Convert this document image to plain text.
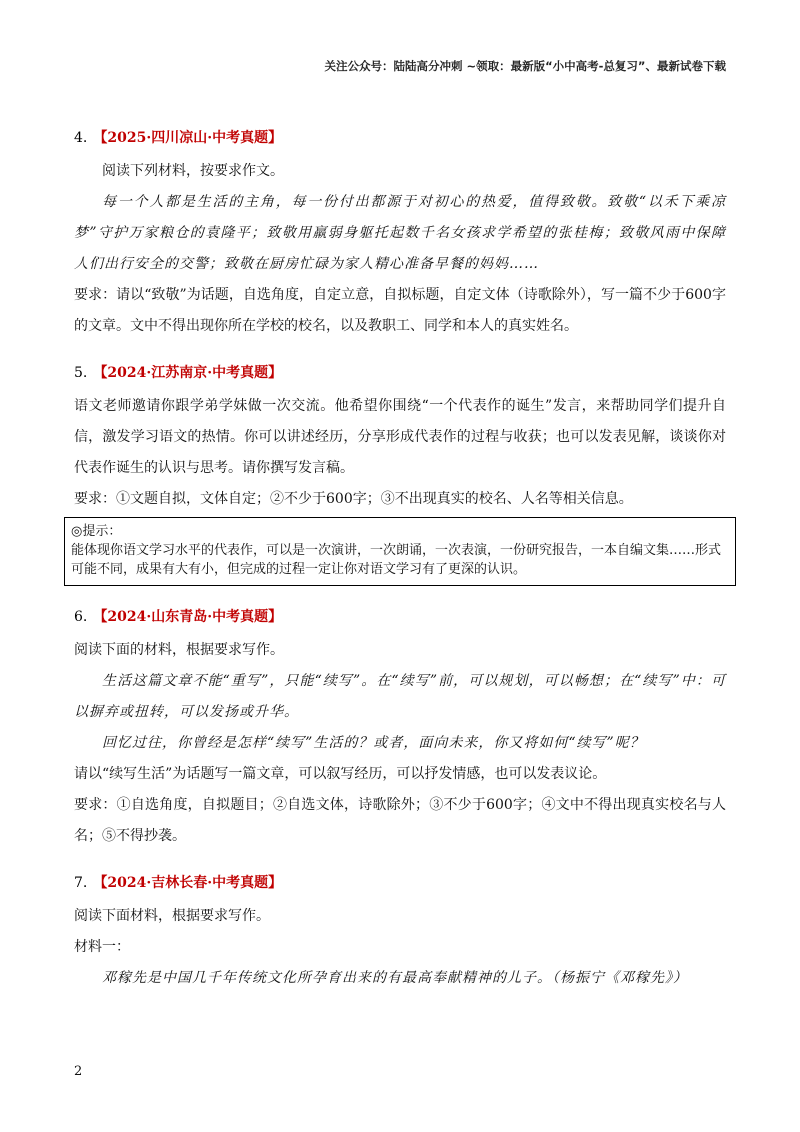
关注公众号：陆陆高分冲刺 ~领取：最新版“小中高考-总复习”、最新试卷下载
4. 【2025·四川凉山·中考真题】

阅读下列材料，按要求作文。

每一个人都是生活的主角，每一份付出都源于对初心的热爱，值得致敬。致敬“以禾下乘凉梦”守护万家粮仓的袁隆平；致敬用羸弱身躯托起数千名女孩求学希望的张桂梅；致敬风雨中保障人们出行安全的交警；致敬在厨房忙碌为家人精心准备早餐的妈妈……

要求：请以“致敬”为话题，自选角度，自定立意，自拟标题，自定文体（诗歌除外），写一篇不少于600字的文章。文中不得出现你所在学校的校名，以及教职工、同学和本人的真实姓名。

5. 【2024·江苏南京·中考真题】

语文老师邀请你跟学弟学妹做一次交流。他希望你围绕“一个代表作的诞生”发言，来帮助同学们提升自信，激发学习语文的热情。你可以讲述经历，分享形成代表作的过程与收获；也可以发表见解，谈谈你对代表作诞生的认识与思考。请你撰写发言稿。

要求：①文题自拟，文体自定；②不少于600字；③不出现真实的校名、人名等相关信息。

◎提示：
能体现你语文学习水平的代表作，可以是一次演讲，一次朗诵，一次表演，一份研究报告，一本自编文集……形式可能不同，成果有大有小，但完成的过程一定让你对语文学习有了更深的认识。
6. 【2024·山东青岛·中考真题】

阅读下面的材料，根据要求写作。

生活这篇文章不能“重写”，只能“续写”。在“续写”前，可以规划，可以畅想；在“续写”中：可以摒弃或扭转，可以发扬或升华。

回忆过往，你曾经是怎样“续写”生活的？或者，面向未来，你又将如何“续写”呢？

请以“续写生活”为话题写一篇文章，可以叙写经历，可以抒发情感，也可以发表议论。

要求：①自选角度，自拟题目；②自选文体，诗歌除外；③不少于600字；④文中不得出现真实校名与人名；⑤不得抄袭。

7. 【2024·吉林长春·中考真题】

阅读下面材料，根据要求写作。

材料一：

邓稼先是中国几千年传统文化所孕育出来的有最高奉献精神的儿子。（杨振宁《邓稼先》）

2
